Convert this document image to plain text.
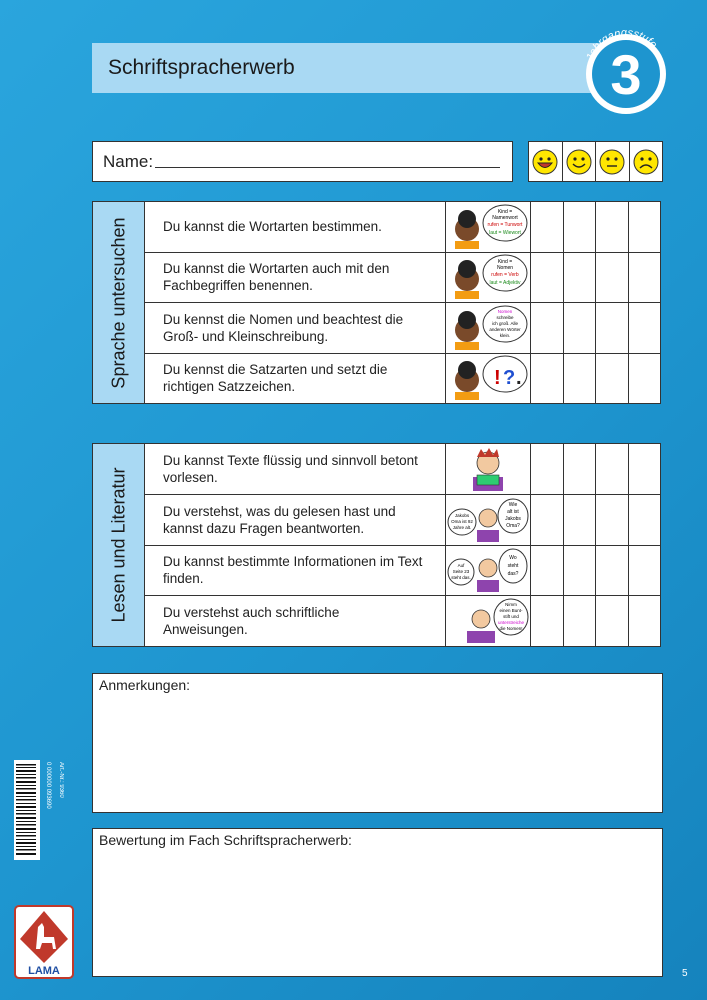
Schriftspracherwerb	3
Jahrgangsstufe
Name:
Sprache untersuchen	Du kannst die Wortarten bestimmen.
Kind =
Namenwort
rufen = Tunwort
laut = Wiewort
Du kannst die Wortarten auch mit den Fachbegriffen benennen.
Kind =
Nomen
rufen = Verb
laut = Adjektiv
Du kennst die Nomen und beachtest die Groß- und Kleinschreibung.
Nomen
schreibe
ich groß. Alle
anderen Wörter
klein.
Du kennst die Satzarten und setzt die richtigen Satzzeichen.	! ? .
Lesen und Literatur
Du kannst Texte flüssig und sinnvoll betont vorlesen.
Du verstehst, was du gelesen hast und kannst dazu Fragen beantworten.
Wie
alt ist
Jakobs
Oma?
Jakobs
Oma ist 92
Jahre alt.
Du kannst bestimmte Informationen im Text finden.
Wo
steht
das?
Auf
Seite 23
steht das.
Du verstehst auch schriftliche Anweisungen.
Nimm
einen Bunt-
stift und
unterstreiche
die Nomen!
Anmerkungen:
Bewertung im Fach Schriftspracherwerb:
0 000000 093690 Art.-Nr.: 9360
LAMA	5
